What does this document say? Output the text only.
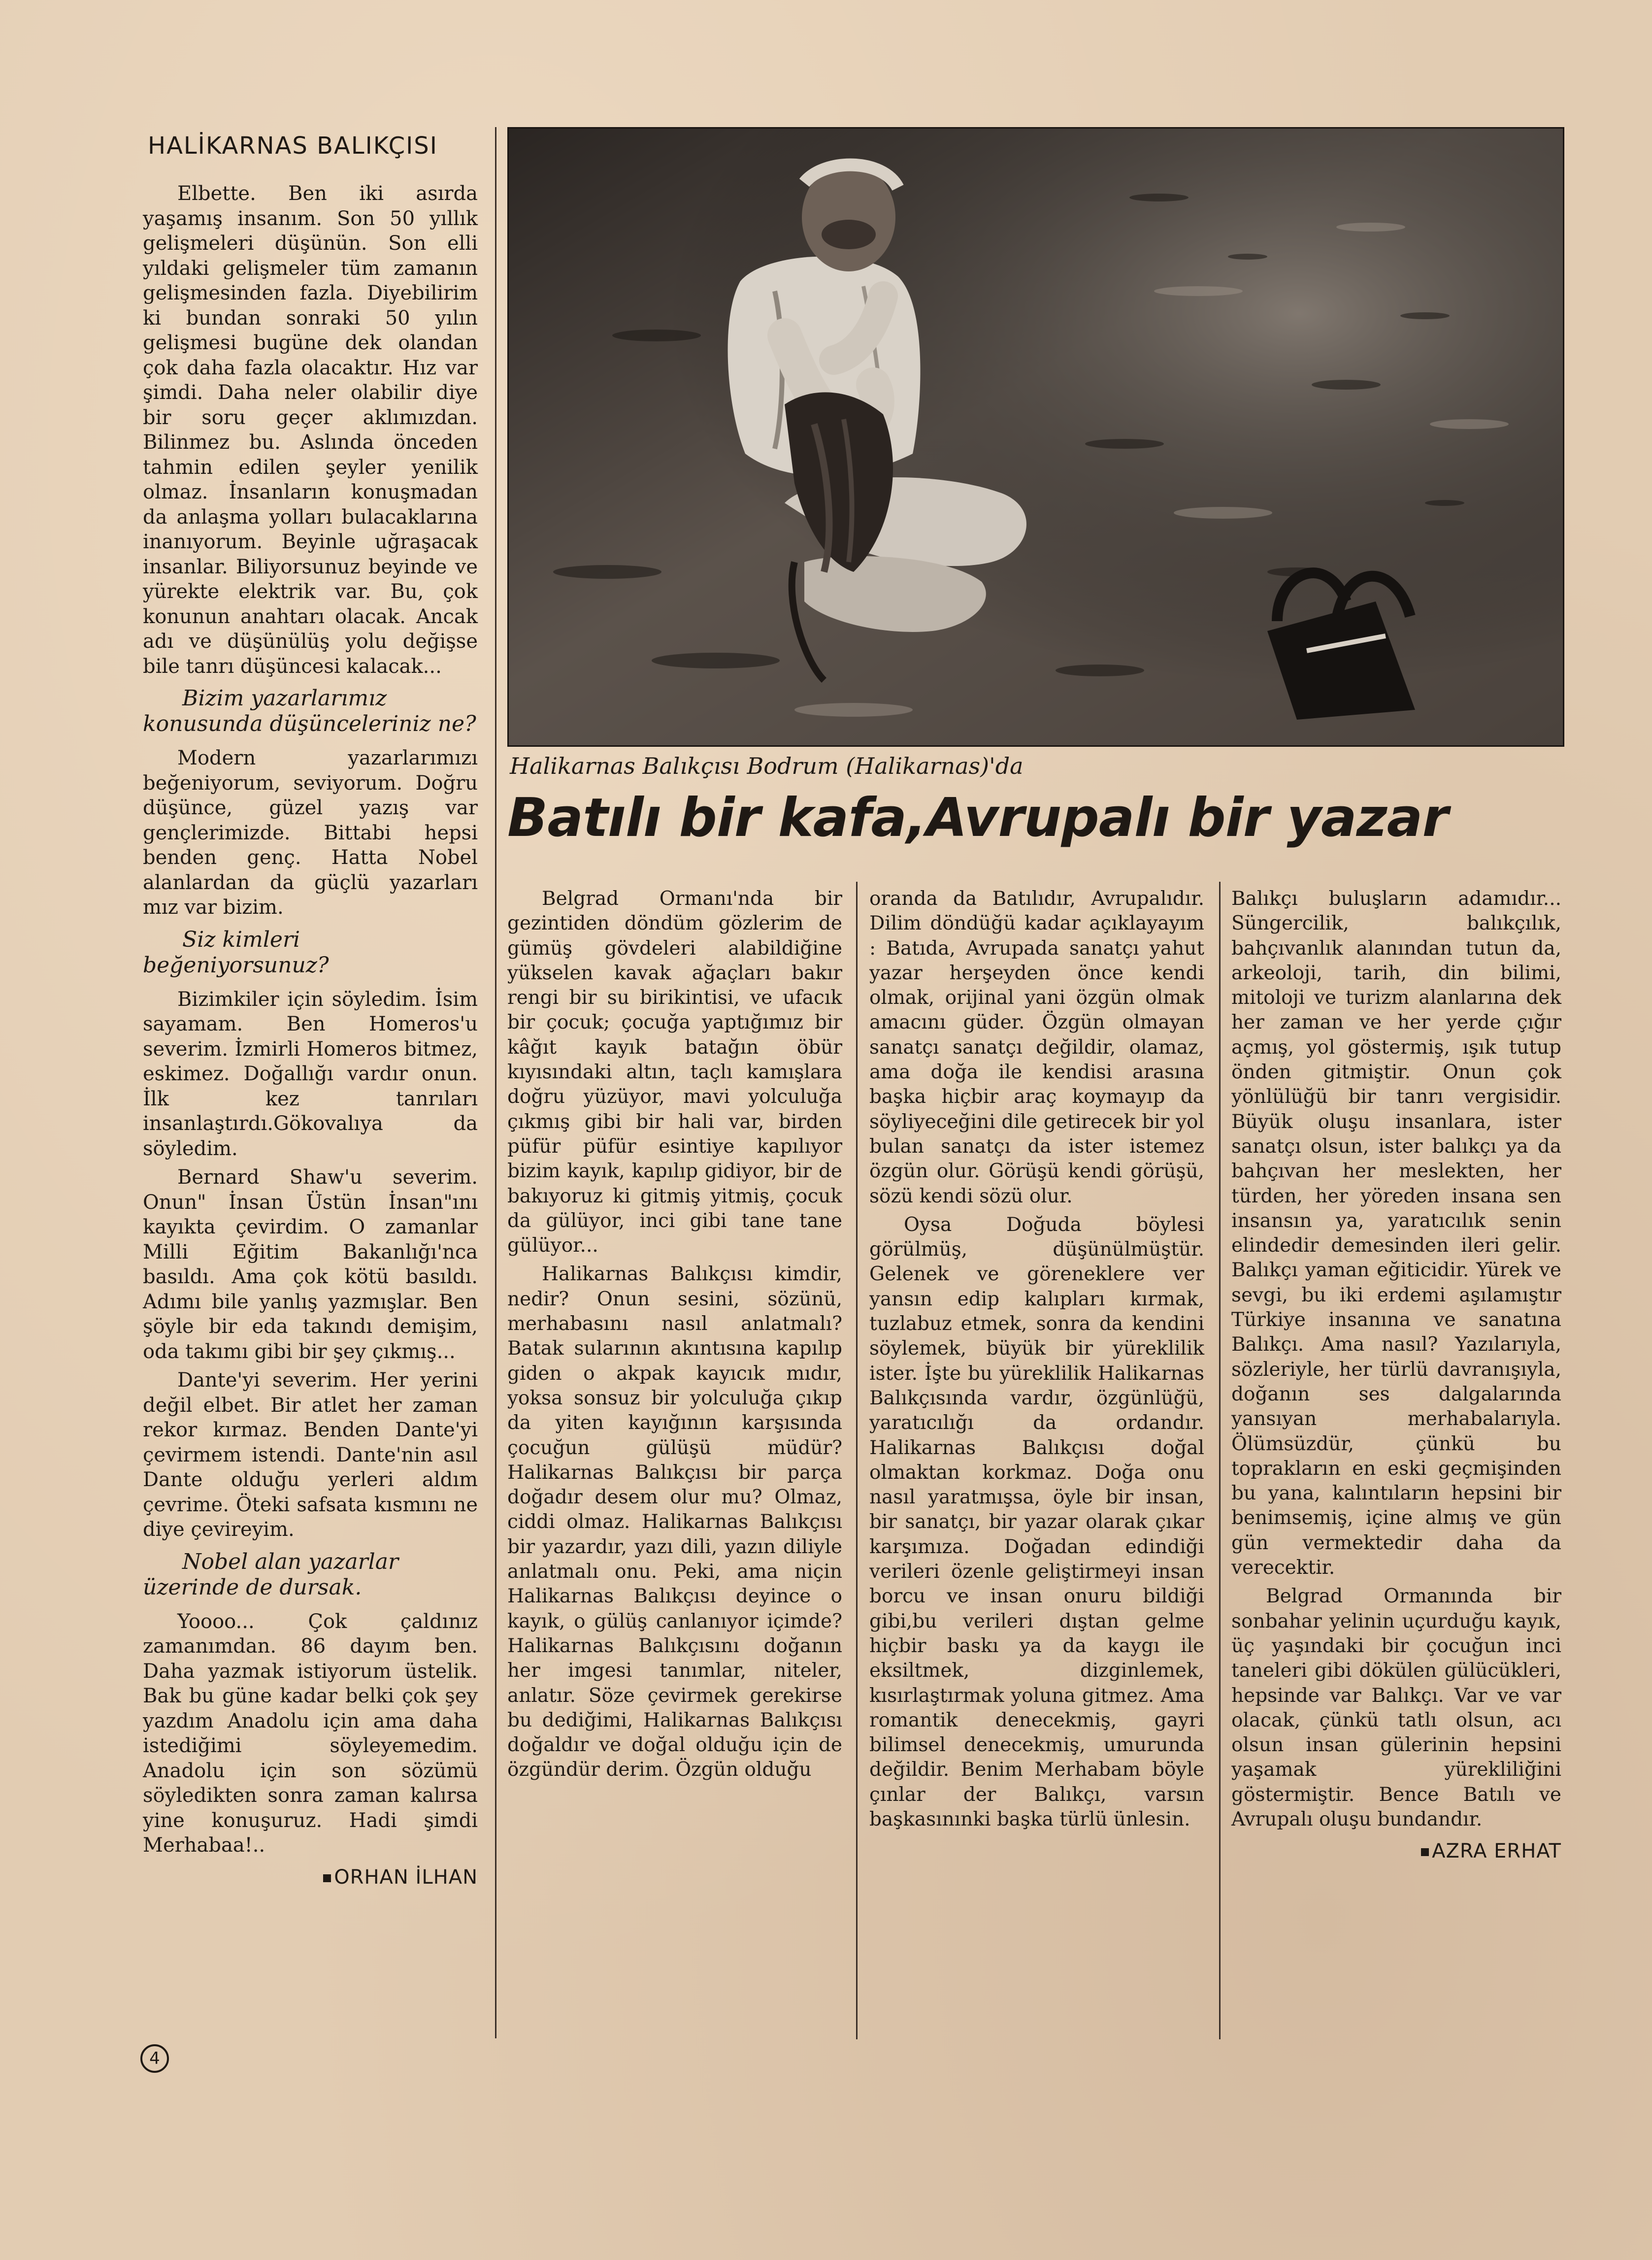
HALİKARNAS BALIKÇISI

Elbette. Ben iki asırda yaşamış insanım. Son 50 yıllık gelişmeleri düşünün. Son elli yıldaki gelişmeler tüm zamanın gelişmesinden fazla. Diyebilirim ki bundan sonraki 50 yılın gelişmesi bugüne dek olandan çok daha fazla olacaktır. Hız var şimdi. Daha neler olabilir diye bir soru geçer aklımızdan. Bilinmez bu. Aslında önceden tahmin edilen şeyler yenilik olmaz. İnsanların konuşmadan da anlaşma yolları bulacaklarına inanıyorum. Beyinle uğraşacak insanlar. Biliyorsunuz beyinde ve yürekte elektrik var. Bu, çok konunun anahtarı olacak. Ancak adı ve düşünülüş yolu değişse bile tanrı düşüncesi kalacak...

Bizim yazarlarımız konusunda düşünceleriniz ne?

Modern yazarlarımızı beğeniyorum, seviyorum. Doğru düşünce, güzel yazış var gençlerimizde. Bittabi hepsi benden genç. Hatta Nobel alanlardan da güçlü yazarları mız var bizim.

Siz kimleri beğeniyorsunuz?

Bizimkiler için söyledim. İsim sayamam. Ben Homeros'u severim. İzmirli Homeros bitmez, eskimez. Doğallığı vardır onun. İlk kez tanrıları insanlaştırdı.Gökovalıya da söyledim.

Bernard Shaw'u severim. Onun" İnsan Üstün İnsan"ını kayıkta çevirdim. O zamanlar Milli Eğitim Bakanlığı'nca basıldı. Ama çok kötü basıldı. Adımı bile yanlış yazmışlar. Ben şöyle bir eda takındı demişim, oda takımı gibi bir şey çıkmış...

Dante'yi severim. Her yerini değil elbet. Bir atlet her zaman rekor kırmaz. Benden Dante'yi çevirmem istendi. Dante'nin asıl Dante olduğu yerleri aldım çevrime. Öteki safsata kısmını ne diye çevireyim.

Nobel alan yazarlar üzerinde de dursak.

Yoooo... Çok çaldınız zamanımdan. 86 dayım ben. Daha yazmak istiyorum üstelik. Bak bu güne kadar belki çok şey yazdım Anadolu için ama daha istediğimi söyleyemedim. Anadolu için son sözümü söyledikten sonra zaman kalırsa yine konuşuruz. Hadi şimdi Merhabaa!..

ORHAN İLHAN
Halikarnas Balıkçısı Bodrum (Halikarnas)'da
Batılı bir kafa,Avrupalı bir yazar

Belgrad Ormanı'nda bir gezintiden döndüm gözlerim de gümüş gövdeleri alabildiğine yükselen kavak ağaçları bakır rengi bir su birikintisi, ve ufacık bir çocuk; çocuğa yaptığımız bir kâğıt kayık batağın öbür kıyısındaki altın, taçlı kamışlara doğru yüzüyor, mavi yolculuğa çıkmış gibi bir hali var, birden püfür püfür esintiye kapılıyor bizim kayık, kapılıp gidiyor, bir de bakıyoruz ki gitmiş yitmiş, çocuk da gülüyor, inci gibi tane tane gülüyor...

Halikarnas Balıkçısı kimdir, nedir? Onun sesini, sözünü, merhabasını nasıl anlatmalı? Batak sularının akıntısına kapılıp giden o akpak kayıcık mıdır, yoksa sonsuz bir yolculuğa çıkıp da yiten kayığının karşısında çocuğun gülüşü müdür? Halikarnas Balıkçısı bir parça doğadır desem olur mu? Olmaz, ciddi olmaz. Halikarnas Balıkçısı bir yazardır, yazı dili, yazın diliyle anlatmalı onu. Peki, ama niçin Halikarnas Balıkçısı deyince o kayık, o gülüş canlanıyor içimde? Halikarnas Balıkçısını doğanın her imgesi tanımlar, niteler, anlatır. Söze çevirmek gerekirse bu dediğimi, Halikarnas Balıkçısı doğaldır ve doğal olduğu için de özgündür derim. Özgün olduğu

oranda da Batılıdır, Avrupalıdır. Dilim döndüğü kadar açıklayayım : Batıda, Avrupada sanatçı yahut yazar herşeyden önce kendi olmak, orijinal yani özgün olmak amacını güder. Özgün olmayan sanatçı sanatçı değildir, olamaz, ama doğa ile kendisi arasına başka hiçbir araç koymayıp da söyliyeceğini dile getirecek bir yol bulan sanatçı da ister istemez özgün olur. Görüşü kendi görüşü, sözü kendi sözü olur.

Oysa Doğuda böylesi görülmüş, düşünülmüştür. Gelenek ve göreneklere ver yansın edip kalıpları kırmak, tuzlabuz etmek, sonra da kendini söylemek, büyük bir yüreklilik ister. İşte bu yüreklilik Halikarnas Balıkçısında vardır, özgünlüğü, yaratıcılığı da ordandır. Halikarnas Balıkçısı doğal olmaktan korkmaz. Doğa onu nasıl yaratmışsa, öyle bir insan, bir sanatçı, bir yazar olarak çıkar karşımıza. Doğadan edindiği verileri özenle geliştirmeyi insan borcu ve insan onuru bildiği gibi,bu verileri dıştan gelme hiçbir baskı ya da kaygı ile eksiltmek, dizginlemek, kısırlaştırmak yoluna gitmez. Ama romantik denecekmiş, gayri bilimsel denecekmiş, umurunda değildir. Benim Merhabam böyle çınlar der Balıkçı, varsın başkasınınki başka türlü ünlesin.

Balıkçı buluşların adamıdır... Süngercilik, balıkçılık, bahçıvanlık alanından tutun da, arkeoloji, tarih, din bilimi, mitoloji ve turizm alanlarına dek her zaman ve her yerde çığır açmış, yol göstermiş, ışık tutup önden gitmiştir. Onun çok yönlülüğü bir tanrı vergisidir. Büyük oluşu insanlara, ister sanatçı olsun, ister balıkçı ya da bahçıvan her meslekten, her türden, her yöreden insana sen insansın ya, yaratıcılık senin elindedir demesinden ileri gelir. Balıkçı yaman eğiticidir. Yürek ve sevgi, bu iki erdemi aşılamıştır Türkiye insanına ve sanatına Balıkçı. Ama nasıl? Yazılarıyla, sözleriyle, her türlü davranışıyla, doğanın ses dalgalarında yansıyan merhabalarıyla. Ölümsüzdür, çünkü bu toprakların en eski geçmişinden bu yana, kalıntıların hepsini bir benimsemiş, içine almış ve gün gün vermektedir daha da verecektir.

Belgrad Ormanında bir sonbahar yelinin uçurduğu kayık, üç yaşındaki bir çocuğun inci taneleri gibi dökülen gülücükleri, hepsinde var Balıkçı. Var ve var olacak, çünkü tatlı olsun, acı olsun insan gülerinin hepsini yaşamak yürekliliğini göstermiştir. Bence Batılı ve Avrupalı oluşu bundandır.

AZRA ERHAT
4
